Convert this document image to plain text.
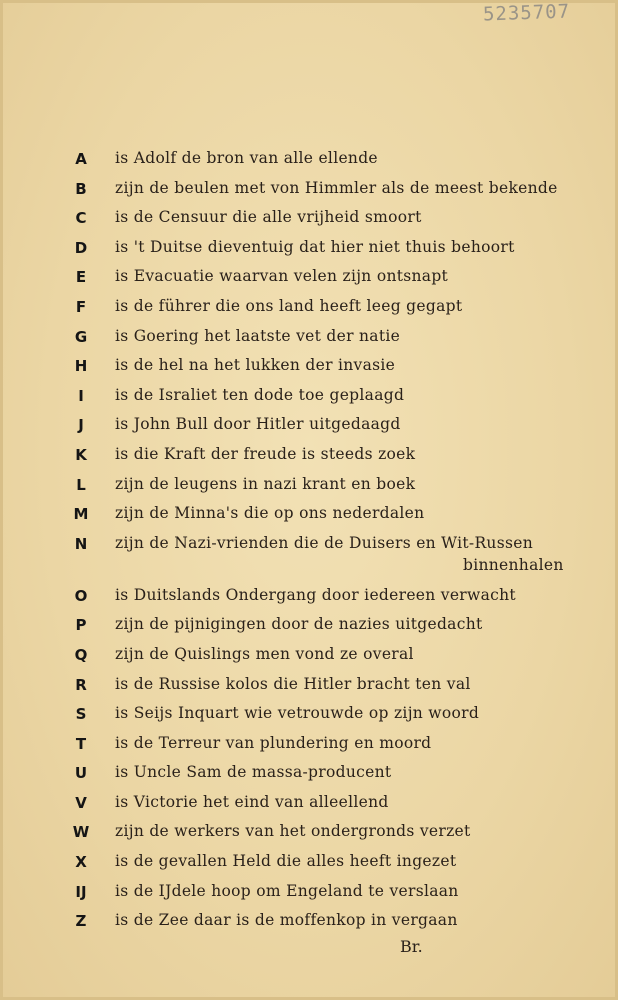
5235707
A	is Adolf de bron van alle ellende
B	zijn de beulen met von Himmler als de meest bekende
C	is de Censuur die alle vrijheid smoort
D	is 't Duitse dieventuig dat hier niet thuis behoort
E	is Evacuatie waarvan velen zijn ontsnapt
F	is de führer die ons land heeft leeg gegapt
G	is Goering het laatste vet der natie
H	is de hel na het lukken der invasie
I	is de Israliet ten dode toe geplaagd
J	is John Bull door Hitler uitgedaagd
K	is die Kraft der freude is steeds zoek
L	zijn de leugens in nazi krant en boek
M	zijn de Minna's die op ons nederdalen
N	zijn de Nazi-vrienden die de Duisers en Wit-Russen
binnenhalen
O	is Duitslands Ondergang door iedereen verwacht
P	zijn de pijnigingen door de nazies uitgedacht
Q	zijn de Quislings men vond ze overal
R	is de Russise kolos die Hitler bracht ten val
S	is Seijs Inquart wie vetrouwde op zijn woord
T	is de Terreur van plundering en moord
U	is Uncle Sam de massa-producent
V	is Victorie het eind van alleellend
W	zijn de werkers van het ondergronds verzet
X	is de gevallen Held die alles heeft ingezet
IJ	is de IJdele hoop om Engeland te verslaan
Z	is de Zee daar is de moffenkop in vergaan
Br.
